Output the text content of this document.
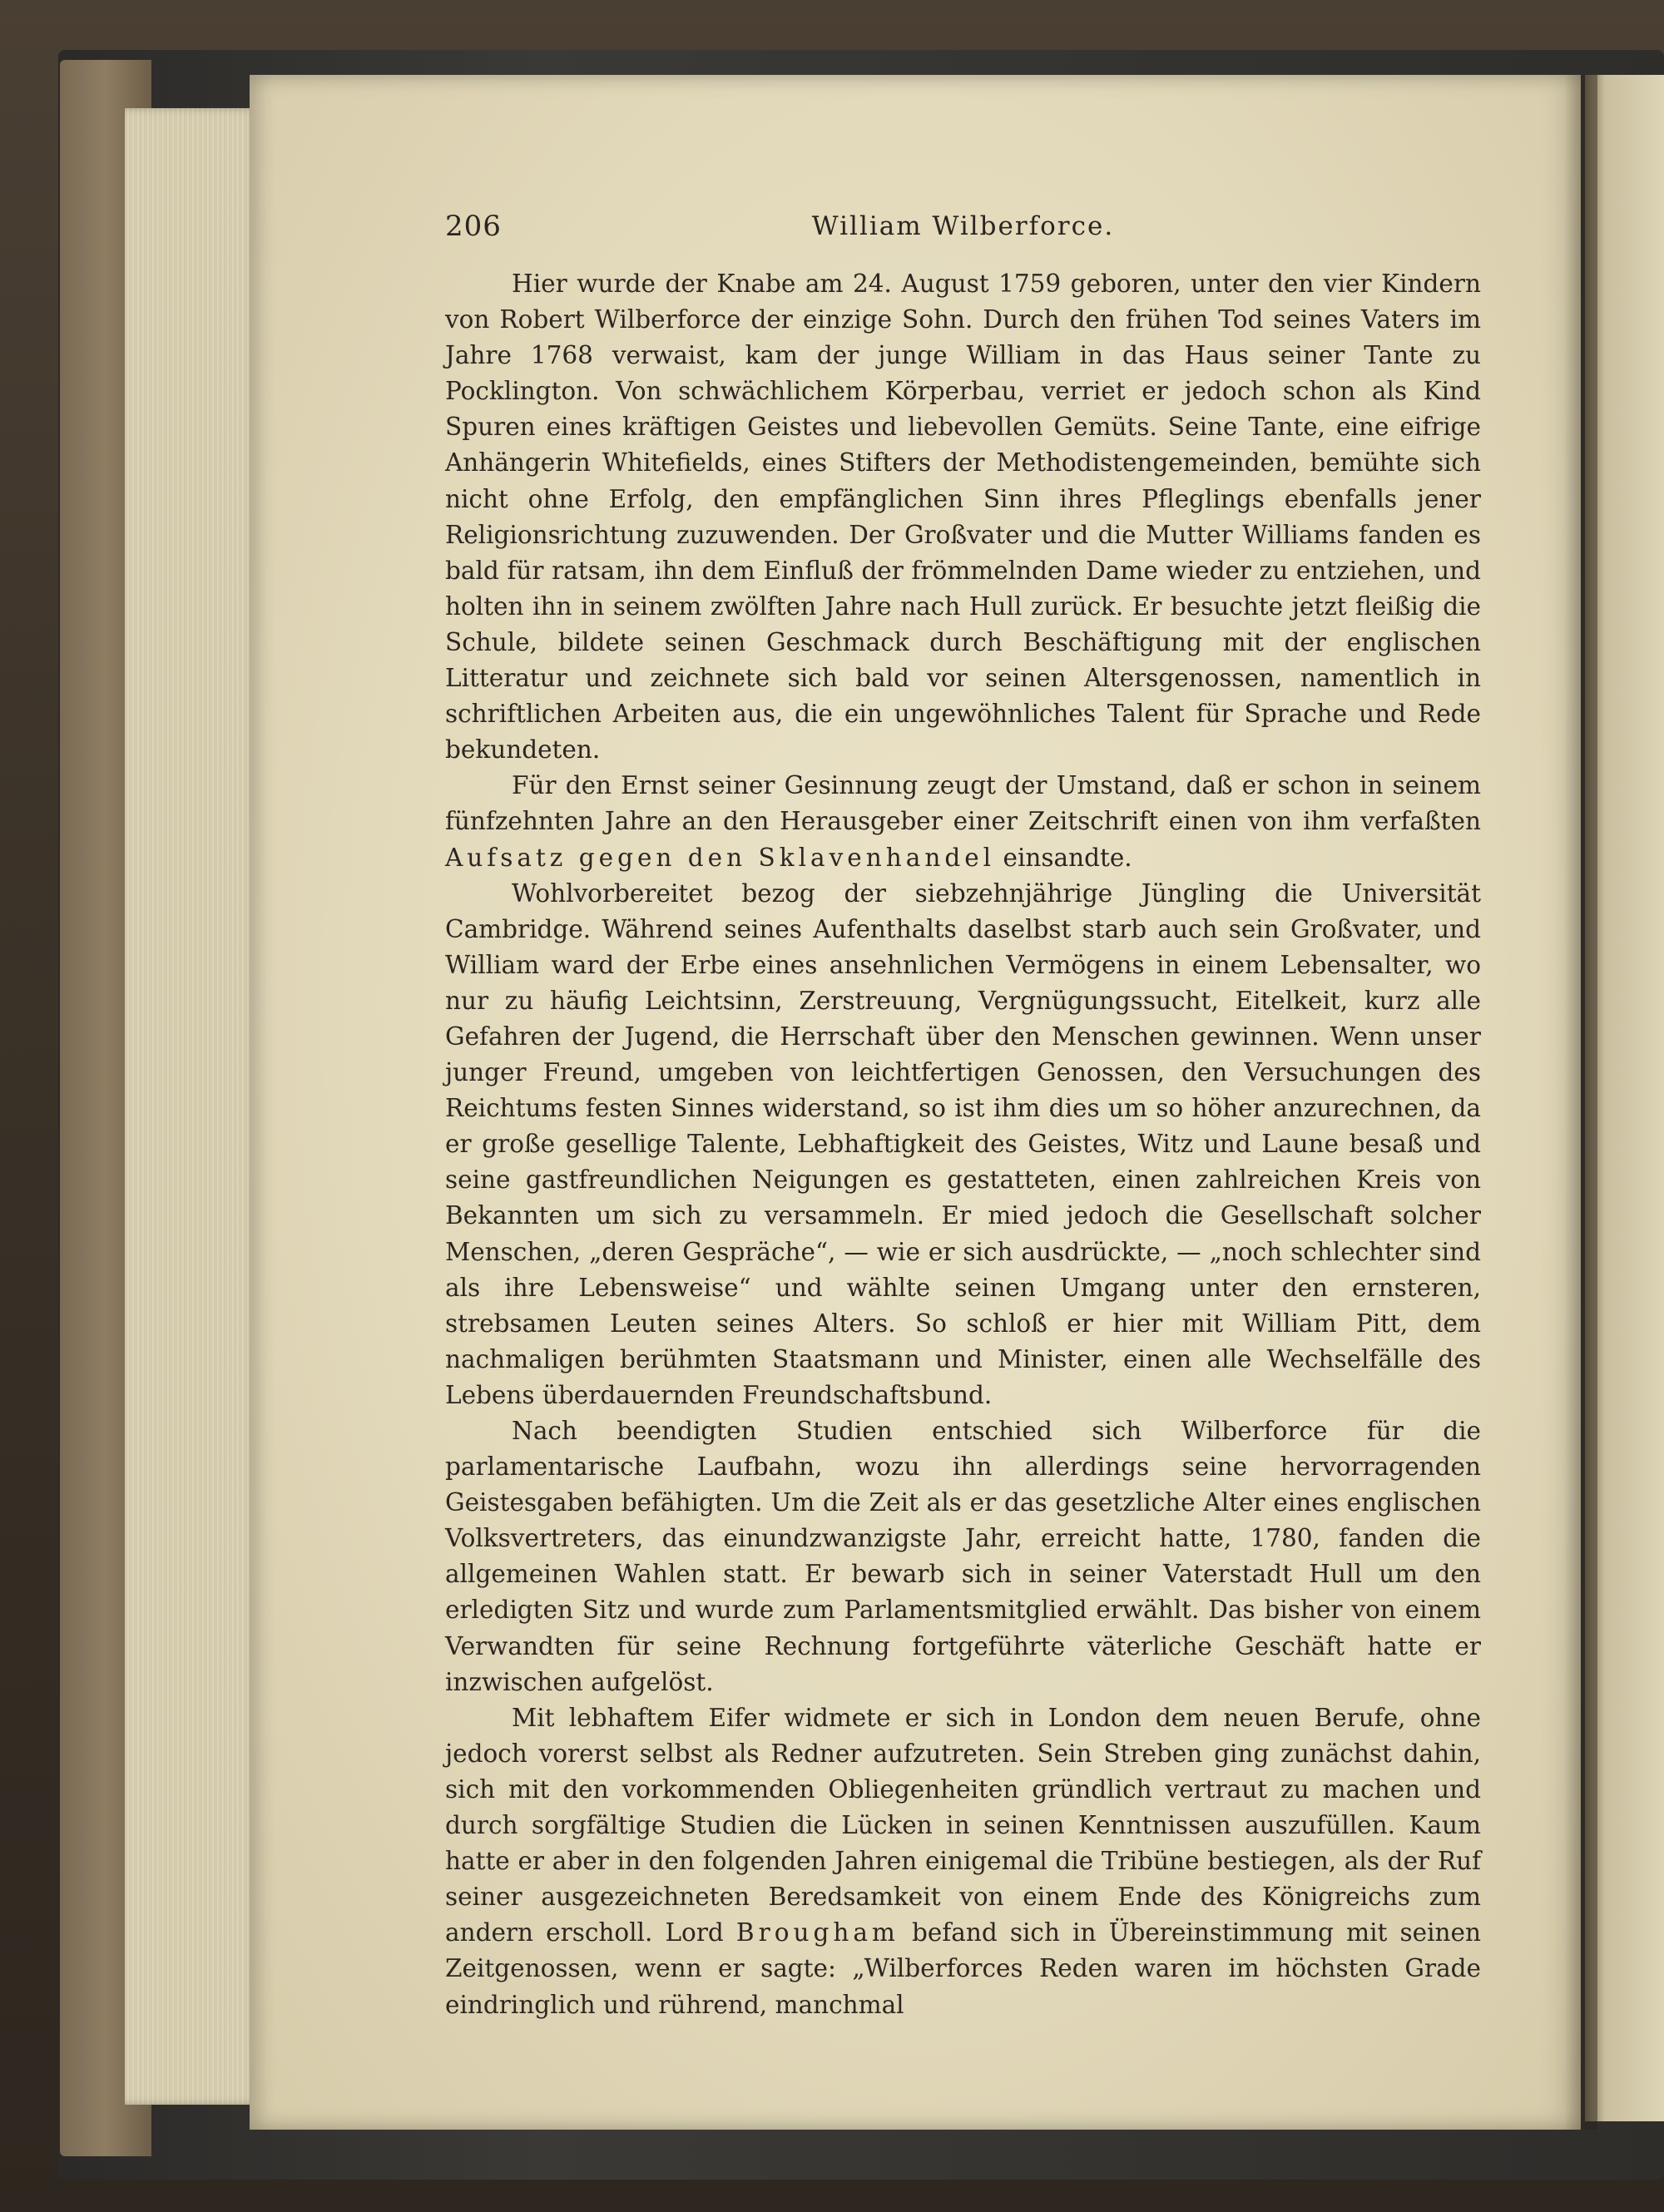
206	William Wilberforce.

Hier wurde der Knabe am 24. August 1759 geboren, unter den vier Kindern von Robert Wilberforce der einzige Sohn. Durch den frühen Tod seines Vaters im Jahre 1768 verwaist, kam der junge William in das Haus seiner Tante zu Pocklington. Von schwächlichem Körperbau, verriet er jedoch schon als Kind Spuren eines kräftigen Geistes und liebevollen Gemüts. Seine Tante, eine eifrige Anhängerin Whitefields, eines Stifters der Methodistengemeinden, bemühte sich nicht ohne Erfolg, den empfänglichen Sinn ihres Pfleglings ebenfalls jener Religionsrichtung zuzuwenden. Der Großvater und die Mutter Williams fanden es bald für ratsam, ihn dem Einfluß der frömmelnden Dame wieder zu entziehen, und holten ihn in seinem zwölften Jahre nach Hull zurück. Er besuchte jetzt fleißig die Schule, bildete seinen Geschmack durch Beschäftigung mit der englischen Litteratur und zeichnete sich bald vor seinen Altersgenossen, namentlich in schriftlichen Arbeiten aus, die ein ungewöhnliches Talent für Sprache und Rede bekundeten.

Für den Ernst seiner Gesinnung zeugt der Umstand, daß er schon in seinem fünfzehnten Jahre an den Herausgeber einer Zeitschrift einen von ihm verfaßten Aufsatz gegen den Sklavenhandel einsandte.

Wohlvorbereitet bezog der siebzehnjährige Jüngling die Universität Cambridge. Während seines Aufenthalts daselbst starb auch sein Großvater, und William ward der Erbe eines ansehnlichen Vermögens in einem Lebensalter, wo nur zu häufig Leichtsinn, Zerstreuung, Vergnügungssucht, Eitelkeit, kurz alle Gefahren der Jugend, die Herrschaft über den Menschen gewinnen. Wenn unser junger Freund, umgeben von leichtfertigen Genossen, den Versuchungen des Reichtums festen Sinnes widerstand, so ist ihm dies um so höher anzurechnen, da er große gesellige Talente, Lebhaftigkeit des Geistes, Witz und Laune besaß und seine gastfreundlichen Neigungen es gestatteten, einen zahlreichen Kreis von Bekannten um sich zu versammeln. Er mied jedoch die Gesellschaft solcher Menschen, „deren Gespräche“, — wie er sich ausdrückte, — „noch schlechter sind als ihre Lebensweise“ und wählte seinen Umgang unter den ernsteren, strebsamen Leuten seines Alters. So schloß er hier mit William Pitt, dem nachmaligen berühmten Staatsmann und Minister, einen alle Wechselfälle des Lebens überdauernden Freundschaftsbund.

Nach beendigten Studien entschied sich Wilberforce für die parlamentarische Laufbahn, wozu ihn allerdings seine hervorragenden Geistesgaben befähigten. Um die Zeit als er das gesetzliche Alter eines englischen Volksvertreters, das einundzwanzigste Jahr, erreicht hatte, 1780, fanden die allgemeinen Wahlen statt. Er bewarb sich in seiner Vaterstadt Hull um den erledigten Sitz und wurde zum Parlamentsmitglied erwählt. Das bisher von einem Verwandten für seine Rechnung fortgeführte väterliche Geschäft hatte er inzwischen aufgelöst.

Mit lebhaftem Eifer widmete er sich in London dem neuen Berufe, ohne jedoch vorerst selbst als Redner aufzutreten. Sein Streben ging zunächst dahin, sich mit den vorkommenden Obliegenheiten gründlich vertraut zu machen und durch sorgfältige Studien die Lücken in seinen Kenntnissen auszufüllen. Kaum hatte er aber in den folgenden Jahren einigemal die Tribüne bestiegen, als der Ruf seiner ausgezeichneten Beredsamkeit von einem Ende des Königreichs zum andern erscholl. Lord Brougham befand sich in Übereinstimmung mit seinen Zeitgenossen, wenn er sagte: „Wilberforces Reden waren im höchsten Grade eindringlich und rührend, manchmal
